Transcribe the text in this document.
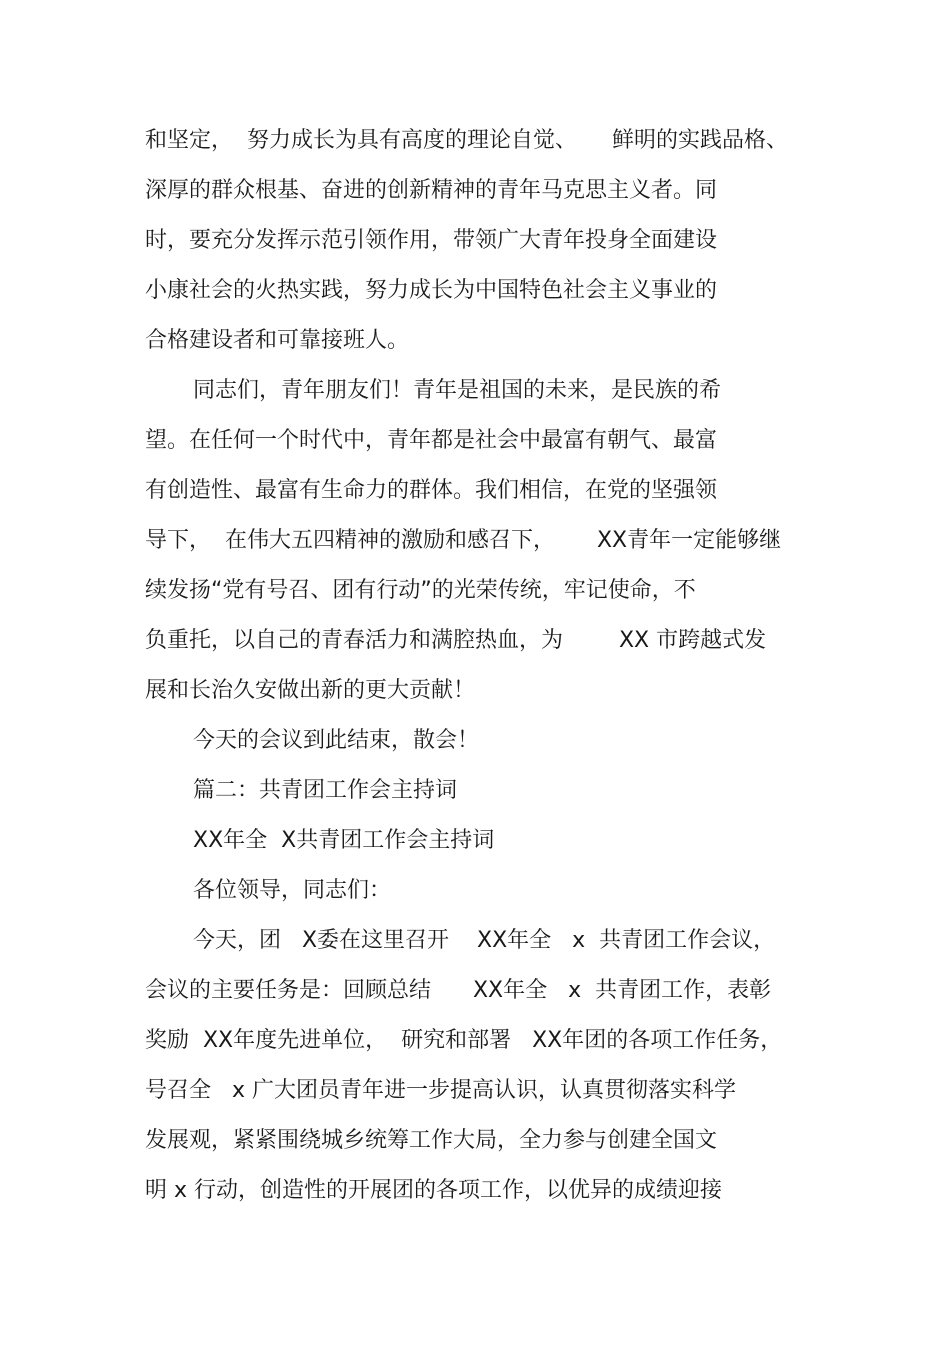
和坚定，  努力成长为具有高度的理论自觉、     鲜明的实践品格、
深厚的群众根基、奋进的创新精神的青年马克思主义者。同
时，要充分发挥示范引领作用，带领广大青年投身全面建设
小康社会的火热实践，努力成长为中国特色社会主义事业的
合格建设者和可靠接班人。
同志们，青年朋友们！青年是祖国的未来，是民族的希
望。在任何一个时代中，青年都是社会中最富有朝气、最富
有创造性、最富有生命力的群体。我们相信，在党的坚强领
导下，  在伟大五四精神的激励和感召下，      XX青年一定能够继
续发扬“党有号召、团有行动”的光荣传统，牢记使命，不
负重托，以自己的青春活力和满腔热血，为        XX 市跨越式发
展和长治久安做出新的更大贡献！
今天的会议到此结束，散会！
篇二：共青团工作会主持词
XX年全  X共青团工作会主持词
各位领导，同志们：
今天，团   X委在这里召开    XX年全   x  共青团工作会议，
会议的主要任务是：回顾总结      XX年全   x  共青团工作，表彰
奖励  XX年度先进单位，  研究和部署   XX年团的各项工作任务，
号召全   x 广大团员青年进一步提高认识，认真贯彻落实科学
发展观，紧紧围绕城乡统筹工作大局，全力参与创建全国文
明 x 行动，创造性的开展团的各项工作，以优异的成绩迎接
